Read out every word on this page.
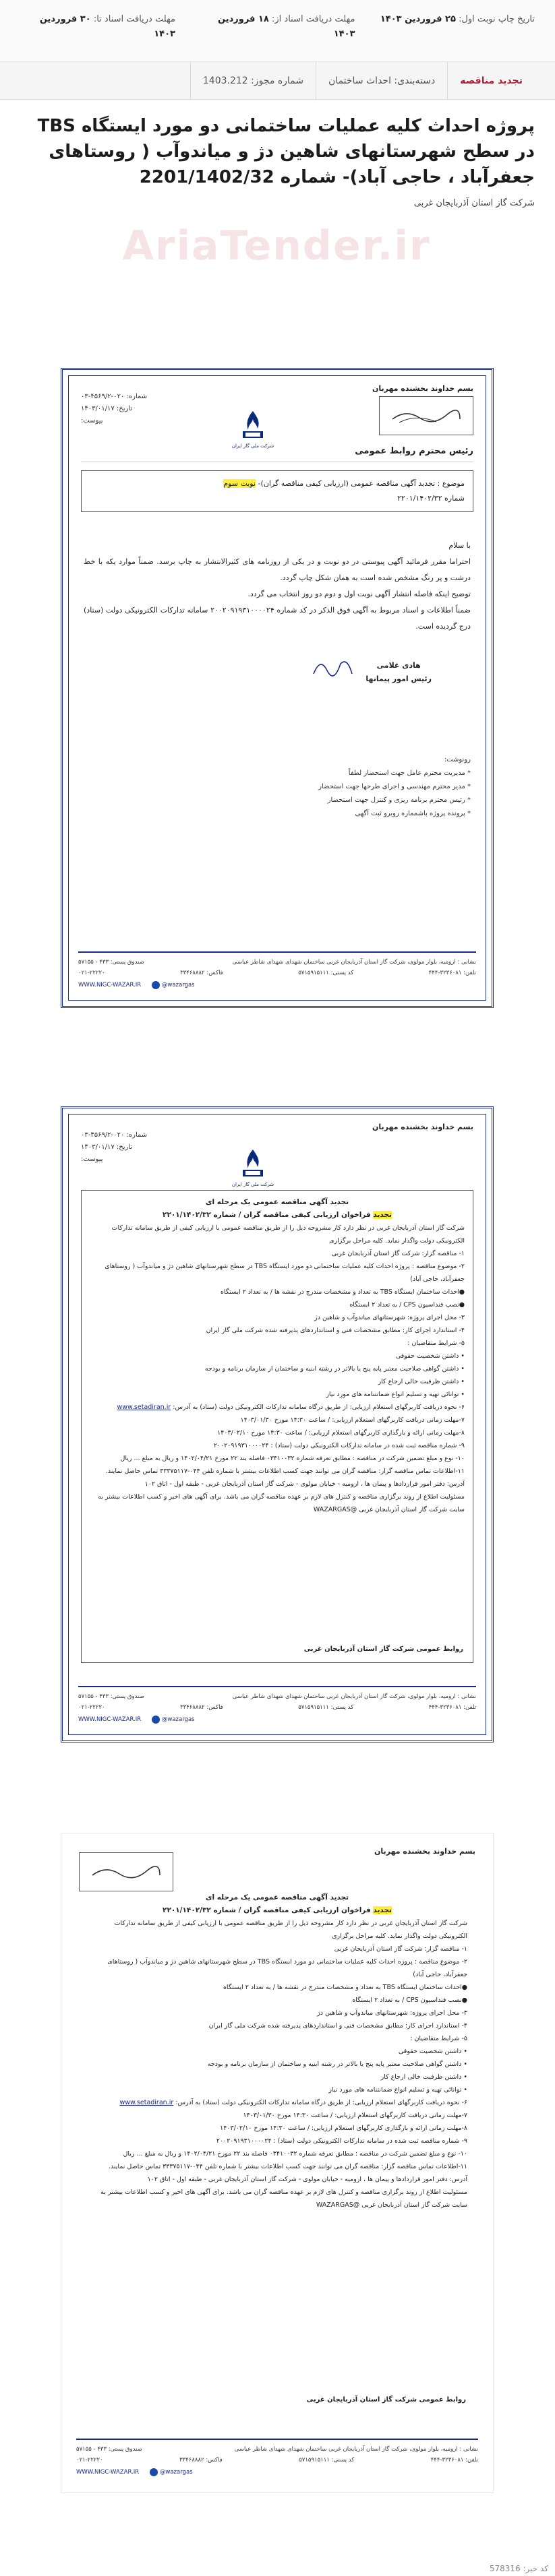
تاریخ چاپ نوبت اول: ۲۵ فروردین ۱۴۰۳
مهلت دریافت اسناد از: ۱۸ فروردین ۱۴۰۳
مهلت دریافت اسناد تا: ۳۰ فروردین ۱۴۰۳
تجدید مناقصه
دسته‌بندی: احداث ساختمان
شماره مجوز: 1403.212
پروژه احداث کلیه عملیات ساختمانی دو مورد ایستگاه TBS در سطح شهرستانهای شاهین دژ و میاندوآب ( روستاهای جعفرآباد ، حاجی آباد)- شماره 2201/1402/32
شرکت گاز استان آذربایجان غربی
AriaTender.ir
بسم خداوند بخشنده مهربان
شرکت ملی گاز ایران
شماره: ۰۲۰-۴۵۶۹/۲-۰۳
تاریخ: ۱۴۰۳/۰۱/۱۷
پیوست:
رئیس محترم روابط عمومی
موضوع : تجدید آگهی مناقصه عمومی (ارزیابی کیفی مناقصه گران)- نوبت سوم
شماره ۲۲۰۱/۱۴۰۲/۳۲
با سلام
احتراما مقرر فرمائید آگهی پیوستی در دو نوبت و در یکی از روزنامه های کثیرالانتشار به چاپ برسد. ضمناً موارد یکه با خط درشت و پر رنگ مشخص شده است به همان شکل چاپ گردد.
توضیح اینکه فاصله انتشار آگهی نوبت اول و دوم دو روز انتخاب می گردد.
ضمناً اطلاعات و اسناد مربوط به آگهی فوق الذکر در کد شماره ۲۰۰۲۰۹۱۹۳۱۰۰۰۰۲۴ سامانه تدارکات الکترونیکی دولت (ستاد) درج گردیده است.
هادی غلامی
رئیس امور پیمانها
رونوشت:
* مدیریت محترم عامل جهت استحضار لطفاً
* مدیر محترم مهندسی و اجرای طرحها جهت استحضار
* رئیس محترم برنامه ریزی و کنترل جهت استحضار
* پرونده پروژه باشمماره روبرو ثبت آگهی
نشانی : ارومیه، بلوار مولوی، شرکت گاز استان آذربایجان غربی ساختمان شهدای شهدای شاطر عباسی
صندوق پستی: ۴۳۳ - ۵۷۱۵۵
تلفن: ۳۲۳۶۰۸۱-۴۴۴
کد پستی: ۵۷۱۵۹۱۵۱۱۱
فاکس: ۳۳۴۶۸۸۸۲
۰۲۱-۲۲۲۲۰
WWW.NIGC-WAZAR.IR	@wazargas
بسم خداوند بخشنده مهربان
شرکت ملی گاز ایران
شماره: ۰۲۰-۴۵۶۹/۲-۰۳
تاریخ: ۱۴۰۳/۰۱/۱۷
پیوست:
تجدید آگهی مناقصه عمومی یک مرحله ای
تجدید فراخوان ارزیابی کیفی مناقصه گران / شماره ۲۲۰۱/۱۴۰۲/۳۲
شرکت گاز استان آذربایجان غربی در نظر دارد کار مشروحه ذیل را از طریق مناقصه عمومی با ارزیابی کیفی از طریق سامانه تدارکات الکترونیکی دولت واگذار نماید. کلیه مراحل برگزاری
۱- مناقصه گزار: شرکت گاز استان آذربایجان غربی
۲- موضوع مناقصه : پروژه احداث کلیه عملیات ساختمانی دو مورد ایستگاه TBS در سطح شهرستانهای شاهین دژ و میاندوآب ( روستاهای جعفرآباد، حاجی آباد)
●احداث ساختمان ایستگاه TBS به تعداد و مشخصات مندرج در نقشه ها / به تعداد ۲ ایستگاه
●نصب فنداسیون CPS / به تعداد ۲ ایستگاه
۳- محل اجرای پروژه: شهرستانهای میاندوآب و شاهین دژ
۴- استاندارد اجرای کار: مطابق مشخصات فنی و استانداردهای پذیرفته شده شرکت ملی گاز ایران
۵- شرایط متقاضیان :
• داشتن شخصیت حقوقی
• داشتن گواهی صلاحیت معتبر پایه پنج یا بالاتر در رشته ابنیه و ساختمان از سازمان برنامه و بودجه
• داشتن ظرفیت خالی ارجاع کار
• توانائی تهیه و تسلیم انواع ضمانتنامه های مورد نیاز
۶- نحوه دریافت کاربرگهای استعلام ارزیابی: از طریق درگاه سامانه تدارکات الکترونیکی دولت (ستاد) به آدرس: www.setadiran.ir
۷-مهلت زمانی دریافت کاربرگهای استعلام ارزیابی: / ساعت ۱۴:۳۰ مورخ ۱۴۰۳/۰۱/۳۰
۸-مهلت زمانی ارائه و بارگذاری کاربرگهای استعلام ارزیابی: / ساعت ۱۴:۳۰ مورخ ۱۴۰۳/۰۲/۱۰
۹- شماره مناقصه ثبت شده در سامانه تدارکات الکترونیکی دولت (ستاد) : ۲۰۰۲۰۹۱۹۳۱۰۰۰۰۲۴
۱۰- نوع و مبلغ تضمین شرکت در مناقصه : مطابق تعرفه شماره ۰۳۴۱۰۰۳۲ فاصله بند ۲۲ مورخ ۱۴۰۲/۰۴/۲۱ و ریال به مبلغ ... ریال
۱۱-اطلاعات تماس مناقصه گزار: مناقصه گران می توانند جهت کسب اطلاعات بیشتر با شماره تلفن ۰۴۴-۳۳۳۷۵۱۱۷ تماس حاصل نمایند.
آدرس: دفتر امور قراردادها و پیمان ها ، ارومیه - خیابان مولوی - شرکت گاز استان آذربایجان غربی - طبقه اول - اتاق ۱۰۲
مسئولیت اطلاع از روند برگزاری مناقصه و کنترل های لازم بر عهده مناقصه گران می باشد. برای آگهی های اخیر و کسب اطلاعات بیشتر به سایت شرکت گاز استان آذربایجان غربی @WAZARGAS
روابط عمومی شرکت گاز استان آذربایجان غربی
نشانی : ارومیه، بلوار مولوی، شرکت گاز استان آذربایجان غربی ساختمان شهدای شهدای شاطر عباسی
صندوق پستی: ۴۳۳ - ۵۷۱۵۵
تلفن: ۳۲۳۶۰۸۱-۴۴۴
کد پستی: ۵۷۱۵۹۱۵۱۱۱
فاکس: ۳۳۴۶۸۸۸۲
۰۲۱-۲۲۲۲۰
WWW.NIGC-WAZAR.IR	@wazargas
بسم خداوند بخشنده مهربان
تجدید آگهی مناقصه عمومی یک مرحله ای
تجدید فراخوان ارزیابی کیفی مناقصه گران / شماره ۲۲۰۱/۱۴۰۲/۳۲
شرکت گاز استان آذربایجان غربی در نظر دارد کار مشروحه ذیل را از طریق مناقصه عمومی با ارزیابی کیفی از طریق سامانه تدارکات الکترونیکی دولت واگذار نماید. کلیه مراحل برگزاری
۱- مناقصه گزار: شرکت گاز استان آذربایجان غربی
۲- موضوع مناقصه : پروژه احداث کلیه عملیات ساختمانی دو مورد ایستگاه TBS در سطح شهرستانهای شاهین دژ و میاندوآب ( روستاهای جعفرآباد، حاجی آباد)
●احداث ساختمان ایستگاه TBS به تعداد و مشخصات مندرج در نقشه ها / به تعداد ۲ ایستگاه
●نصب فنداسیون CPS / به تعداد ۲ ایستگاه
۳- محل اجرای پروژه: شهرستانهای میاندوآب و شاهین دژ
۴- استاندارد اجرای کار: مطابق مشخصات فنی و استانداردهای پذیرفته شده شرکت ملی گاز ایران
۵- شرایط متقاضیان :
• داشتن شخصیت حقوقی
• داشتن گواهی صلاحیت معتبر پایه پنج یا بالاتر در رشته ابنیه و ساختمان از سازمان برنامه و بودجه
• داشتن ظرفیت خالی ارجاع کار
• توانائی تهیه و تسلیم انواع ضمانتنامه های مورد نیاز
۶- نحوه دریافت کاربرگهای استعلام ارزیابی: از طریق درگاه سامانه تدارکات الکترونیکی دولت (ستاد) به آدرس: www.setadiran.ir
۷-مهلت زمانی دریافت کاربرگهای استعلام ارزیابی: / ساعت ۱۴:۳۰ مورخ ۱۴۰۳/۰۱/۳۰
۸-مهلت زمانی ارائه و بارگذاری کاربرگهای استعلام ارزیابی: / ساعت ۱۴:۳۰ مورخ ۱۴۰۳/۰۲/۱۰
۹- شماره مناقصه ثبت شده در سامانه تدارکات الکترونیکی دولت (ستاد) : ۲۰۰۲۰۹۱۹۳۱۰۰۰۰۲۴
۱۰- نوع و مبلغ تضمین شرکت در مناقصه : مطابق تعرفه شماره ۰۳۴۱۰۰۳۲ فاصله بند ۲۲ مورخ ۱۴۰۲/۰۴/۲۱ و ریال به مبلغ ... ریال
۱۱-اطلاعات تماس مناقصه گزار: مناقصه گران می توانند جهت کسب اطلاعات بیشتر با شماره تلفن ۰۴۴-۳۳۳۷۵۱۱۷ تماس حاصل نمایند.
آدرس: دفتر امور قراردادها و پیمان ها ، ارومیه - خیابان مولوی - شرکت گاز استان آذربایجان غربی - طبقه اول - اتاق ۱۰۲
مسئولیت اطلاع از روند برگزاری مناقصه و کنترل های لازم بر عهده مناقصه گران می باشد. برای آگهی های اخیر و کسب اطلاعات بیشتر به سایت شرکت گاز استان آذربایجان غربی @WAZARGAS
روابط عمومی شرکت گاز استان آذربایجان غربی
نشانی : ارومیه، بلوار مولوی، شرکت گاز استان آذربایجان غربی ساختمان شهدای شهدای شاطر عباسی
صندوق پستی: ۴۳۳ - ۵۷۱۵۵
تلفن: ۳۲۳۶۰۸۱-۴۴۴
کد پستی: ۵۷۱۵۹۱۵۱۱۱
فاکس: ۳۳۴۶۸۸۸۲
۰۲۱-۲۲۲۲۰
WWW.NIGC-WAZAR.IR	@wazargas
کد خبر: 578316
